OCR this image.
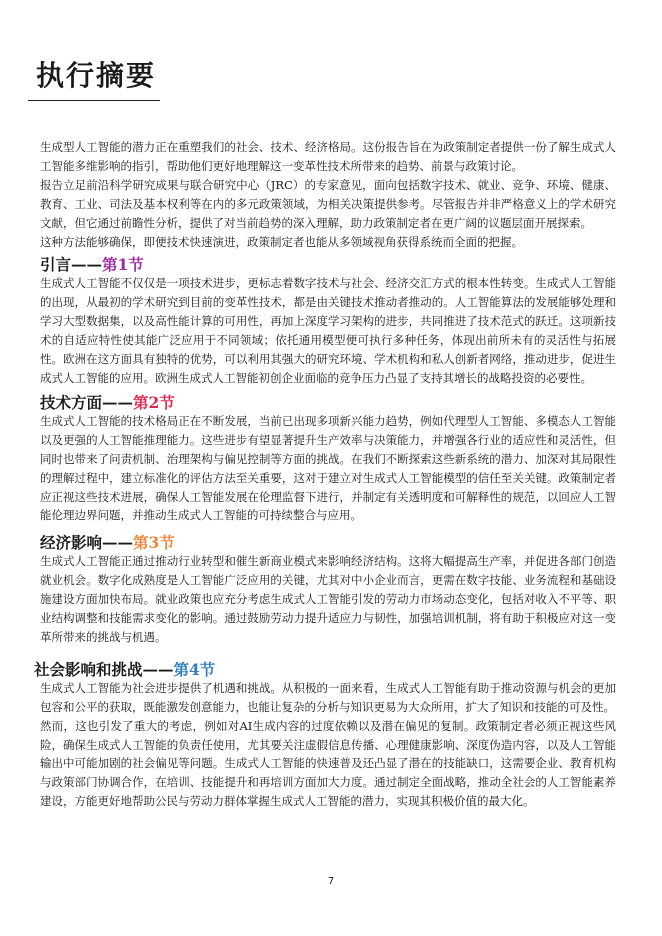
执行摘要

生成型人工智能的潜力正在重塑我们的社会、技术、经济格局。这份报告旨在为政策制定者提供一份了解生成式人工智能多维影响的指引，帮助他们更好地理解这一变革性技术所带来的趋势、前景与政策讨论。

报告立足前沿科学研究成果与联合研究中心（JRC）的专家意见，面向包括数字技术、就业、竞争、环境、健康、教育、工业、司法及基本权利等在内的多元政策领域，为相关决策提供参考。尽管报告并非严格意义上的学术研究文献，但它通过前瞻性分析，提供了对当前趋势的深入理解，助力政策制定者在更广阔的议题层面开展探索。

这种方法能够确保，即便技术快速演进，政策制定者也能从多领域视角获得系统而全面的把握。

引言——第1节

生成式人工智能不仅仅是一项技术进步，更标志着数字技术与社会、经济交汇方式的根本性转变。生成式人工智能的出现，从最初的学术研究到目前的变革性技术，都是由关键技术推动者推动的。人工智能算法的发展能够处理和学习大型数据集，以及高性能计算的可用性，再加上深度学习架构的进步，共同推进了技术范式的跃迁。这项新技术的自适应特性使其能广泛应用于不同领域；依托通用模型便可执行多种任务，体现出前所未有的灵活性与拓展性。欧洲在这方面具有独特的优势，可以利用其强大的研究环境、学术机构和私人创新者网络，推动进步，促进生成式人工智能的应用。欧洲生成式人工智能初创企业面临的竞争压力凸显了支持其增长的战略投资的必要性。

技术方面——第2节

生成式人工智能的技术格局正在不断发展，当前已出现多项新兴能力趋势，例如代理型人工智能、多模态人工智能以及更强的人工智能推理能力。这些进步有望显著提升生产效率与决策能力，并增强各行业的适应性和灵活性，但同时也带来了问责机制、治理架构与偏见控制等方面的挑战。在我们不断探索这些新系统的潜力、加深对其局限性的理解过程中，建立标准化的评估方法至关重要，这对于建立对生成式人工智能模型的信任至关关键。政策制定者应正视这些技术进展，确保人工智能发展在伦理监督下进行，并制定有关透明度和可解释性的规范，以回应人工智能伦理边界问题，并推动生成式人工智能的可持续整合与应用。

经济影响——第3节

生成式人工智能正通过推动行业转型和催生新商业模式来影响经济结构。这将大幅提高生产率，并促进各部门创造就业机会。数字化成熟度是人工智能广泛应用的关键，尤其对中小企业而言，更需在数字技能、业务流程和基础设施建设方面加快布局。就业政策也应充分考虑生成式人工智能引发的劳动力市场动态变化，包括对收入不平等、职业结构调整和技能需求变化的影响。通过鼓励劳动力提升适应力与韧性，加强培训机制，将有助于积极应对这一变革所带来的挑战与机遇。

社会影响和挑战——第4节

生成式人工智能为社会进步提供了机遇和挑战。从积极的一面来看，生成式人工智能有助于推动资源与机会的更加包容和公平的获取，既能激发创意能力，也能让复杂的分析与知识更易为大众所用，扩大了知识和技能的可及性。

然而，这也引发了重大的考虑，例如对AI生成内容的过度依赖以及潜在偏见的复制。政策制定者必须正视这些风险，确保生成式人工智能的负责任使用，尤其要关注虚假信息传播、心理健康影响、深度伪造内容，以及人工智能输出中可能加剧的社会偏见等问题。生成式人工智能的快速普及还凸显了潜在的技能缺口，这需要企业、教育机构与政策部门协调合作，在培训、技能提升和再培训方面加大力度。通过制定全面战略，推动全社会的人工智能素养建设，方能更好地帮助公民与劳动力群体掌握生成式人工智能的潜力，实现其积极价值的最大化。

7
